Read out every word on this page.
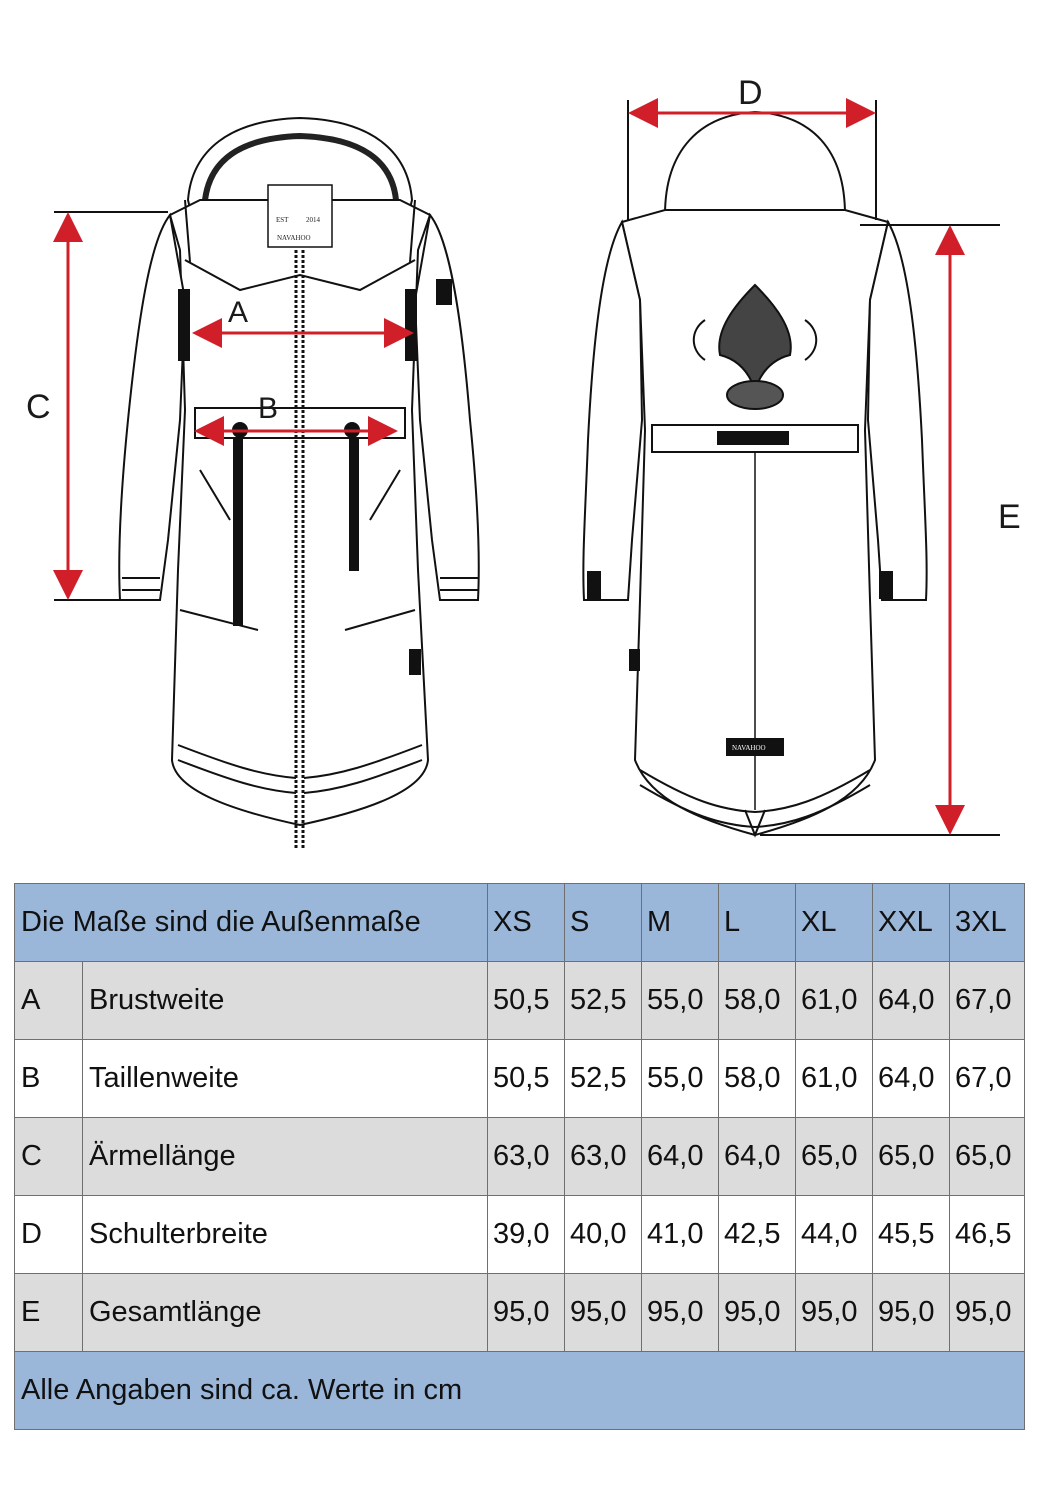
EST	2014
NAVAHOO
A
B
C
NAVAHOO
D
E
Die Maße sind die Außenmaße		XS	S	M	L	XL	XXL	3XL
A	Brustweite	50,5	52,5	55,0	58,0	61,0	64,0	67,0
B	Taillenweite	50,5	52,5	55,0	58,0	61,0	64,0	67,0
C	Ärmellänge	63,0	63,0	64,0	64,0	65,0	65,0	65,0
D	Schulterbreite	39,0	40,0	41,0	42,5	44,0	45,5	46,5
E	Gesamtlänge	95,0	95,0	95,0	95,0	95,0	95,0	95,0
Alle Angaben sind ca. Werte in cm								
